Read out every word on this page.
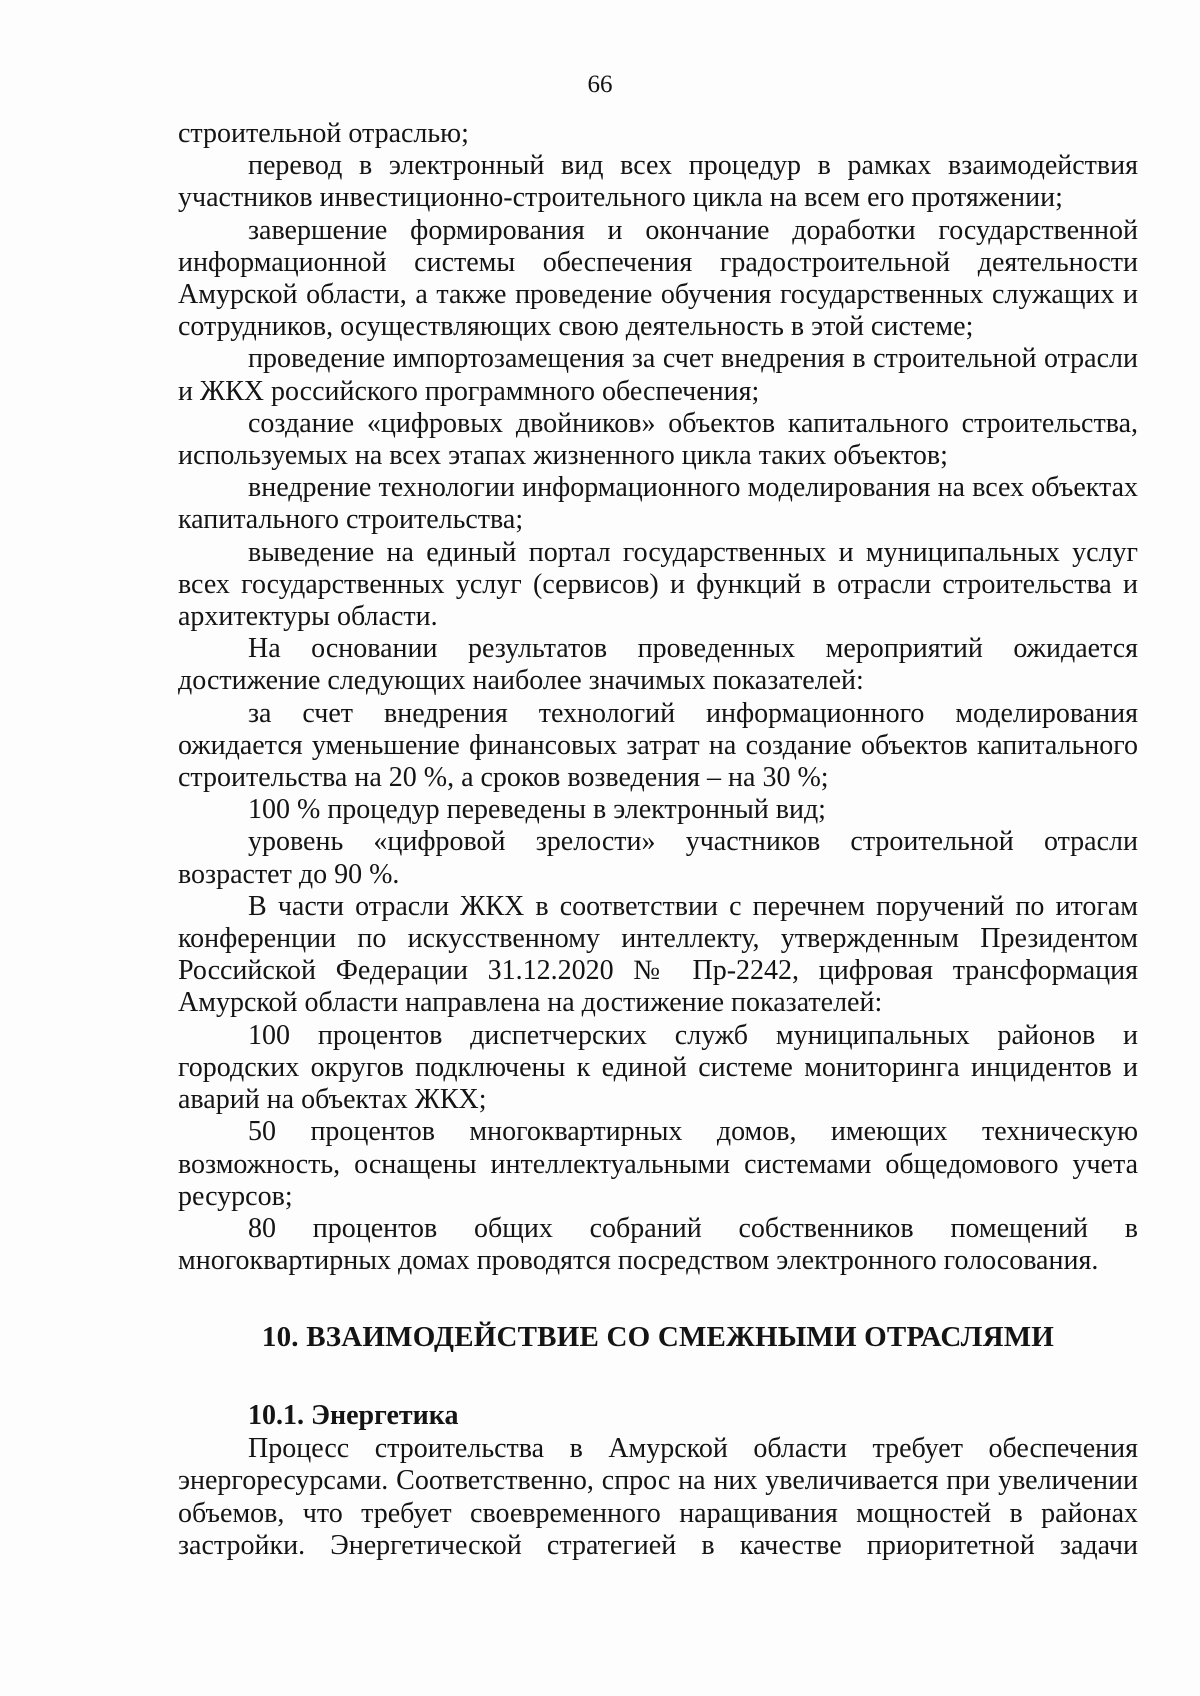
66

строительной отраслью;

перевод в электронный вид всех процедур в рамках взаимодействия участников инвестиционно-строительного цикла на всем его протяжении;

завершение формирования и окончание доработки государственной информационной системы обеспечения градостроительной деятельности Амурской области, а также проведение обучения государственных служащих и сотрудников, осуществляющих свою деятельность в этой системе;

проведение импортозамещения за счет внедрения в строительной отрасли и ЖКХ российского программного обеспечения;

создание «цифровых двойников» объектов капитального строительства, используемых на всех этапах жизненного цикла таких объектов;

внедрение технологии информационного моделирования на всех объектах капитального строительства;

выведение на единый портал государственных и муниципальных услуг всех государственных услуг (сервисов) и функций в отрасли строительства и архитектуры области.

На основании результатов проведенных мероприятий ожидается достижение следующих наиболее значимых показателей:

за счет внедрения технологий информационного моделирования ожидается уменьшение финансовых затрат на создание объектов капитального строительства на 20 %, а сроков возведения – на 30 %;

100 % процедур переведены в электронный вид;

уровень «цифровой зрелости» участников строительной отрасли возрастет до 90 %.

В части отрасли ЖКХ в соответствии с перечнем поручений по итогам конференции по искусственному интеллекту, утвержденным Президентом Российской Федерации 31.12.2020 № Пр-2242, цифровая трансформация Амурской области направлена на достижение показателей:

100 процентов диспетчерских служб муниципальных районов и городских округов подключены к единой системе мониторинга инцидентов и аварий на объектах ЖКХ;

50 процентов многоквартирных домов, имеющих техническую возможность, оснащены интеллектуальными системами общедомового учета ресурсов;

80 процентов общих собраний собственников помещений в многоквартирных домах проводятся посредством электронного голосования.

10. ВЗАИМОДЕЙСТВИЕ СО СМЕЖНЫМИ ОТРАСЛЯМИ
10.1. Энергетика

Процесс строительства в Амурской области требует обеспечения энергоресурсами. Соответственно, спрос на них увеличивается при увеличении объемов, что требует своевременного наращивания мощностей в районах застройки. Энергетической стратегией в качестве приоритетной задачи
